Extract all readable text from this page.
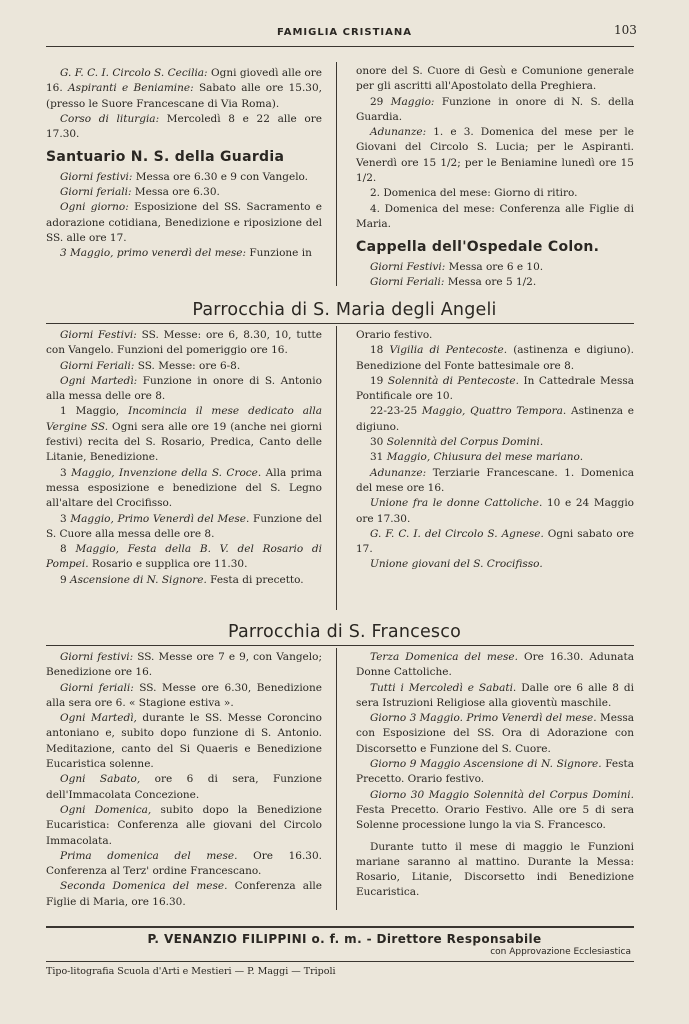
FAMIGLIA CRISTIANA	103

G. F. C. I. Circolo S. Cecilia: Ogni giovedì alle ore 16. Aspiranti e Beniamine: Sabato alle ore 15.30, (presso le Suore Francescane di Via Roma).

Corso di liturgia: Mercoledì 8 e 22 alle ore 17.30.

Santuario N. S. della Guardia

Giorni festivi: Messa ore 6.30 e 9 con Vangelo.

Giorni feriali: Messa ore 6.30.

Ogni giorno: Esposizione del SS. Sacramento e adorazione cotidiana, Benedizione e riposizione del SS. alle ore 17.

3 Maggio, primo venerdì del mese: Funzione in

onore del S. Cuore di Gesù e Comunione generale per gli ascritti all'Apostolato della Preghiera.

29 Maggio: Funzione in onore di N. S. della Guardia.

Adunanze: 1. e 3. Domenica del mese per le Giovani del Circolo S. Lucia; per le Aspiranti. Venerdì ore 15 1/2; per le Beniamine lunedì ore 15 1/2.

2. Domenica del mese: Giorno di ritiro.

4. Domenica del mese: Conferenza alle Figlie di Maria.

Cappella dell'Ospedale Colon.

Giorni Festivi: Messa ore 6 e 10.

Giorni Feriali: Messa ore 5 1/2.

Parrocchia di S. Maria degli Angeli

Giorni Festivi: SS. Messe: ore 6, 8.30, 10, tutte con Vangelo. Funzioni del pomeriggio ore 16.

Giorni Feriali: SS. Messe: ore 6-8.

Ogni Martedì: Funzione in onore di S. Antonio alla messa delle ore 8.

1 Maggio, Incomincia il mese dedicato alla Vergine SS. Ogni sera alle ore 19 (anche nei giorni festivi) recita del S. Rosario, Predica, Canto delle Litanie, Benedizione.

3 Maggio, Invenzione della S. Croce. Alla prima messa esposizione e benedizione del S. Legno all'altare del Crocifisso.

3 Maggio, Primo Venerdì del Mese. Funzione del S. Cuore alla messa delle ore 8.

8 Maggio, Festa della B. V. del Rosario di Pompei. Rosario e supplica ore 11.30.

9 Ascensione di N. Signore. Festa di precetto.

Orario festivo.

18 Vigilia di Pentecoste. (astinenza e digiuno). Benedizione del Fonte battesimale ore 8.

19 Solennità di Pentecoste. In Cattedrale Messa Pontificale ore 10.

22-23-25 Maggio, Quattro Tempora. Astinenza e digiuno.

30 Solennità del Corpus Domini.

31 Maggio, Chiusura del mese mariano.

Adunanze: Terziarie Francescane. 1. Domenica del mese ore 16.

Unione fra le donne Cattoliche. 10 e 24 Maggio ore 17.30.

G. F. C. I. del Circolo S. Agnese. Ogni sabato ore 17.

Unione giovani del S. Crocifisso.

Parrocchia di S. Francesco

Giorni festivi: SS. Messe ore 7 e 9, con Vangelo; Benedizione ore 16.

Giorni feriali: SS. Messe ore 6.30, Benedizione alla sera ore 6. « Stagione estiva ».

Ogni Martedì, durante le SS. Messe Coroncino antoniano e, subito dopo funzione di S. Antonio. Meditazione, canto del Si Quaeris e Benedizione Eucaristica solenne.

Ogni Sabato, ore 6 di sera, Funzione dell'Immacolata Concezione.

Ogni Domenica, subito dopo la Benedizione Eucaristica: Conferenza alle giovani del Circolo Immacolata.

Prima domenica del mese. Ore 16.30. Conferenza al Terz' ordine Francescano.

Seconda Domenica del mese. Conferenza alle Figlie di Maria, ore 16.30.

Terza Domenica del mese. Ore 16.30. Adunata Donne Cattoliche.

Tutti i Mercoledì e Sabati. Dalle ore 6 alle 8 di sera Istruzioni Religiose alla gioventù maschile.

Giorno 3 Maggio. Primo Venerdì del mese. Messa con Esposizione del SS. Ora di Adorazione con Discorsetto e Funzione del S. Cuore.

Giorno 9 Maggio Ascensione di N. Signore. Festa Precetto. Orario festivo.

Giorno 30 Maggio Solennità del Corpus Domini. Festa Precetto. Orario Festivo. Alle ore 5 di sera Solenne processione lungo la via S. Francesco.

Durante tutto il mese di maggio le Funzioni mariane saranno al mattino. Durante la Messa: Rosario, Litanie, Discorsetto indi Benedizione Eucaristica.

P. VENANZIO FILIPPINI o. f. m. - Direttore Responsabile
con Approvazione Ecclesiastica
Tipo-litografia Scuola d'Arti e Mestieri — P. Maggi — Tripoli
